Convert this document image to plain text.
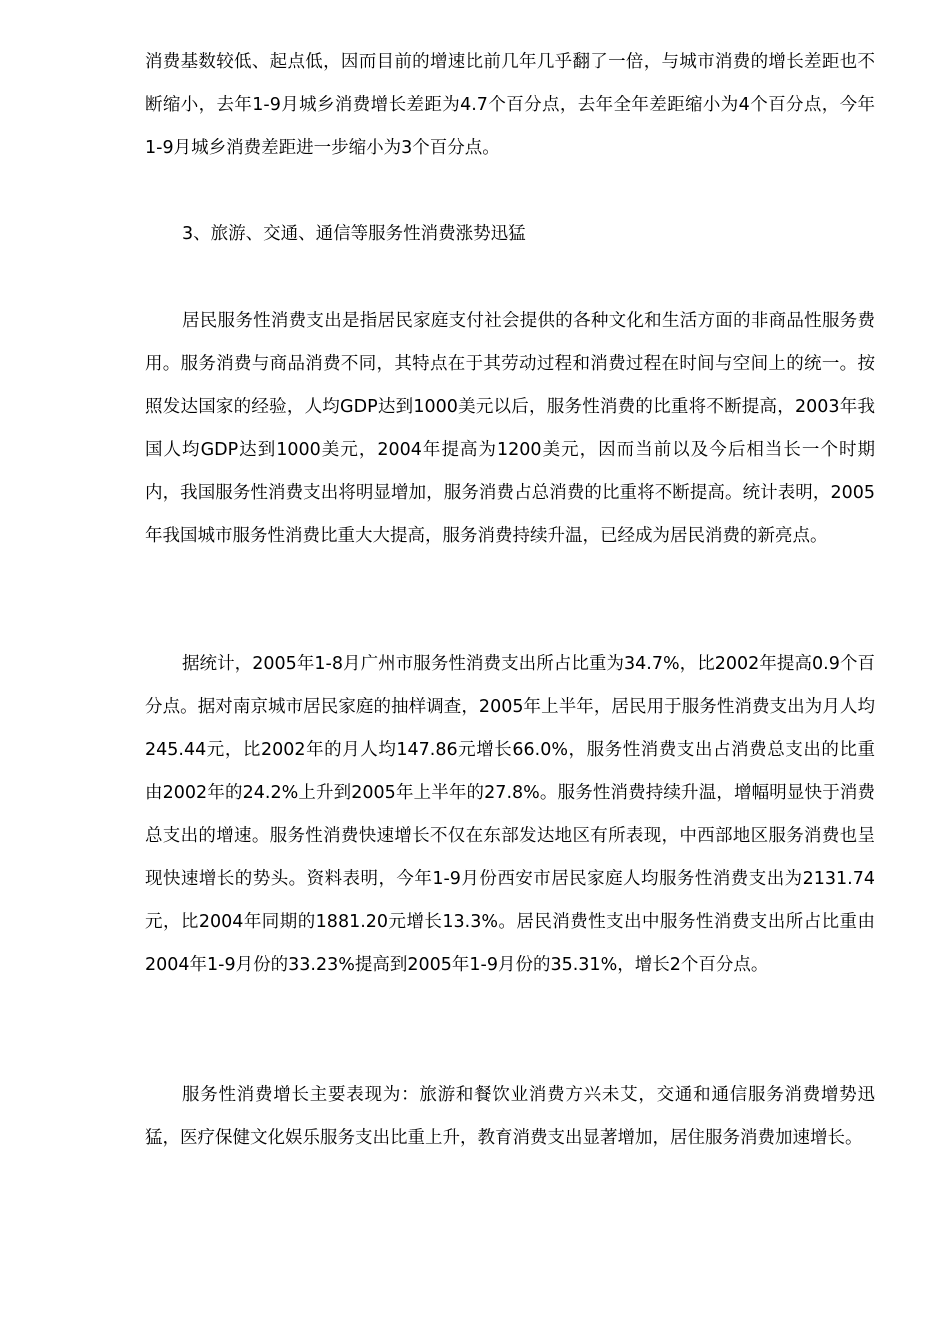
消费基数较低、起点低，因而目前的增速比前几年几乎翻了一倍，与城市消费的增长差距也不断缩小，去年1-9月城乡消费增长差距为4.7个百分点，去年全年差距缩小为4个百分点，今年1-9月城乡消费差距进一步缩小为3个百分点。

3、旅游、交通、通信等服务性消费涨势迅猛

居民服务性消费支出是指居民家庭支付社会提供的各种文化和生活方面的非商品性服务费用。服务消费与商品消费不同，其特点在于其劳动过程和消费过程在时间与空间上的统一。按照发达国家的经验，人均GDP达到1000美元以后，服务性消费的比重将不断提高，2003年我国人均GDP达到1000美元，2004年提高为1200美元，因而当前以及今后相当长一个时期内，我国服务性消费支出将明显增加，服务消费占总消费的比重将不断提高。统计表明，2005年我国城市服务性消费比重大大提高，服务消费持续升温，已经成为居民消费的新亮点。

据统计，2005年1-8月广州市服务性消费支出所占比重为34.7%，比2002年提高0.9个百分点。据对南京城市居民家庭的抽样调查，2005年上半年，居民用于服务性消费支出为月人均245.44元，比2002年的月人均147.86元增长66.0%，服务性消费支出占消费总支出的比重由2002年的24.2%上升到2005年上半年的27.8%。服务性消费持续升温，增幅明显快于消费总支出的增速。服务性消费快速增长不仅在东部发达地区有所表现，中西部地区服务消费也呈现快速增长的势头。资料表明，今年1-9月份西安市居民家庭人均服务性消费支出为2131.74元，比2004年同期的1881.20元增长13.3%。居民消费性支出中服务性消费支出所占比重由2004年1-9月份的33.23%提高到2005年1-9月份的35.31%，增长2个百分点。

服务性消费增长主要表现为：旅游和餐饮业消费方兴未艾，交通和通信服务消费增势迅猛，医疗保健文化娱乐服务支出比重上升，教育消费支出显著增加，居住服务消费加速增长。
